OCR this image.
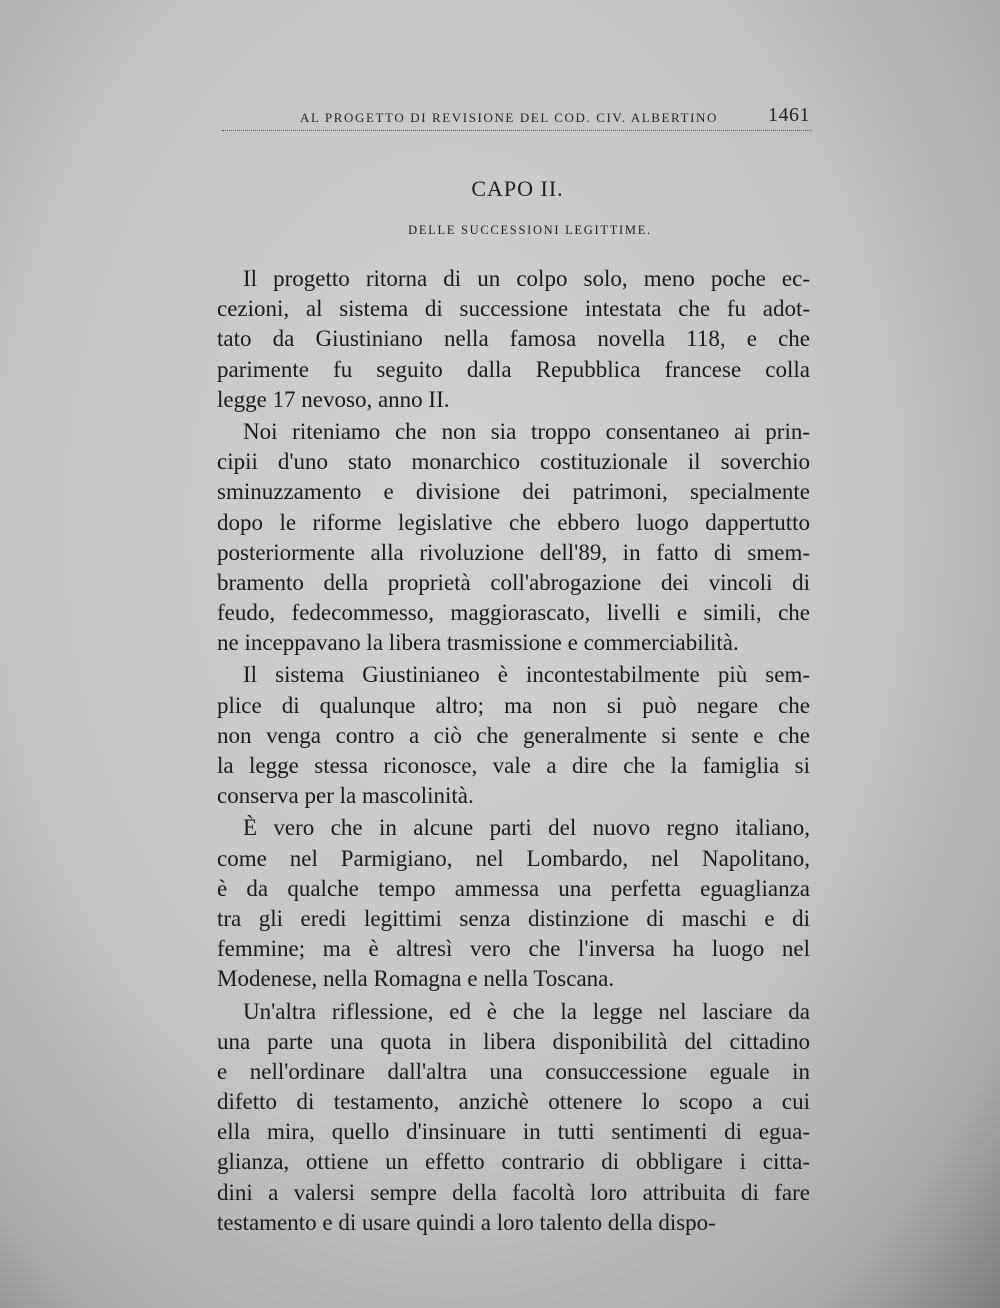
AL PROGETTO DI REVISIONE DEL COD. CIV. ALBERTINO	1461
CAPO II.
DELLE SUCCESSIONI LEGITTIME.
Il progetto ritorna di un colpo solo, meno poche ec-
cezioni, al sistema di successione intestata che fu adot-
tato da Giustiniano nella famosa novella 118, e che
parimente fu seguito dalla Repubblica francese colla
legge 17 nevoso, anno II.
Noi riteniamo che non sia troppo consentaneo ai prin-
cipii d'uno stato monarchico costituzionale il soverchio
sminuzzamento e divisione dei patrimoni, specialmente
dopo le riforme legislative che ebbero luogo dappertutto
posteriormente alla rivoluzione dell'89, in fatto di smem-
bramento della proprietà coll'abrogazione dei vincoli di
feudo, fedecommesso, maggiorascato, livelli e simili, che
ne inceppavano la libera trasmissione e commerciabilità.
Il sistema Giustinianeo è incontestabilmente più sem-
plice di qualunque altro; ma non si può negare che
non venga contro a ciò che generalmente si sente e che
la legge stessa riconosce, vale a dire che la famiglia si
conserva per la mascolinità.
È vero che in alcune parti del nuovo regno italiano,
come nel Parmigiano, nel Lombardo, nel Napolitano,
è da qualche tempo ammessa una perfetta eguaglianza
tra gli eredi legittimi senza distinzione di maschi e di
femmine; ma è altresì vero che l'inversa ha luogo nel
Modenese, nella Romagna e nella Toscana.
Un'altra riflessione, ed è che la legge nel lasciare da
una parte una quota in libera disponibilità del cittadino
e nell'ordinare dall'altra una consuccessione eguale in
difetto di testamento, anzichè ottenere lo scopo a cui
ella mira, quello d'insinuare in tutti sentimenti di egua-
glianza, ottiene un effetto contrario di obbligare i citta-
dini a valersi sempre della facoltà loro attribuita di fare
testamento e di usare quindi a loro talento della dispo-
